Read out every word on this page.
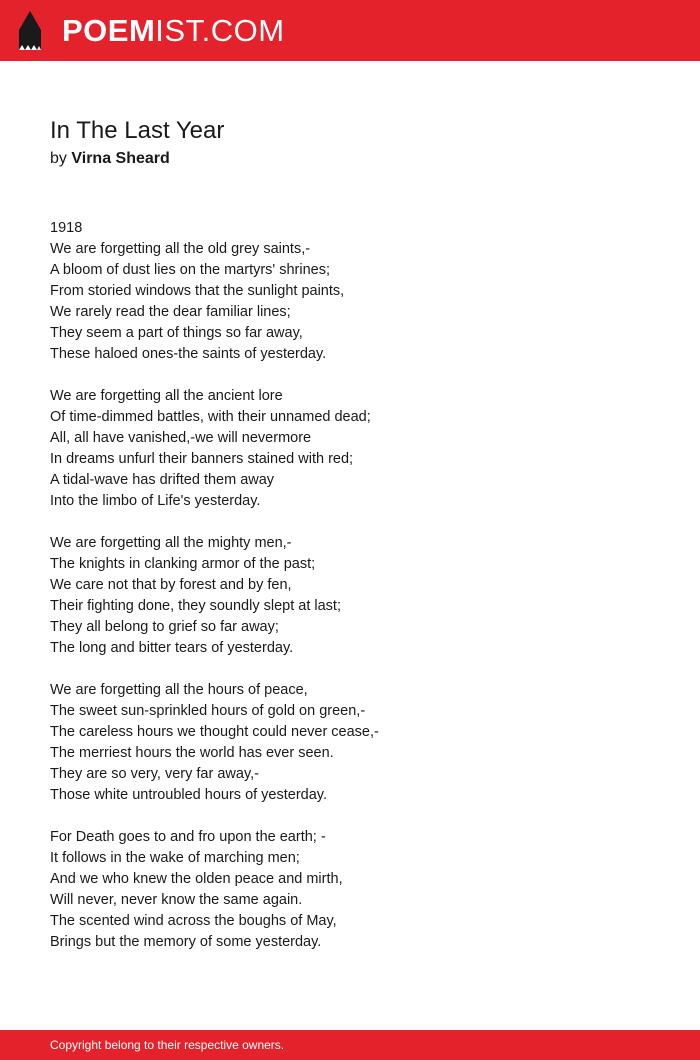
POEMIST.COM
In The Last Year
by Virna Sheard
1918
We are forgetting all the old grey saints,-
A bloom of dust lies on the martyrs' shrines;
From storied windows that the sunlight paints,
We rarely read the dear familiar lines;
They seem a part of things so far away,
These haloed ones-the saints of yesterday.
We are forgetting all the ancient lore
Of time-dimmed battles, with their unnamed dead;
All, all have vanished,-we will nevermore
In dreams unfurl their banners stained with red;
A tidal-wave has drifted them away
Into the limbo of Life's yesterday.
We are forgetting all the mighty men,-
The knights in clanking armor of the past;
We care not that by forest and by fen,
Their fighting done, they soundly slept at last;
They all belong to grief so far away;
The long and bitter tears of yesterday.
We are forgetting all the hours of peace,
The sweet sun-sprinkled hours of gold on green,-
The careless hours we thought could never cease,-
The merriest hours the world has ever seen.
They are so very, very far away,-
Those white untroubled hours of yesterday.
For Death goes to and fro upon the earth; -
It follows in the wake of marching men;
And we who knew the olden peace and mirth,
Will never, never know the same again.
The scented wind across the boughs of May,
Brings but the memory of some yesterday.
Copyright belong to their respective owners.
